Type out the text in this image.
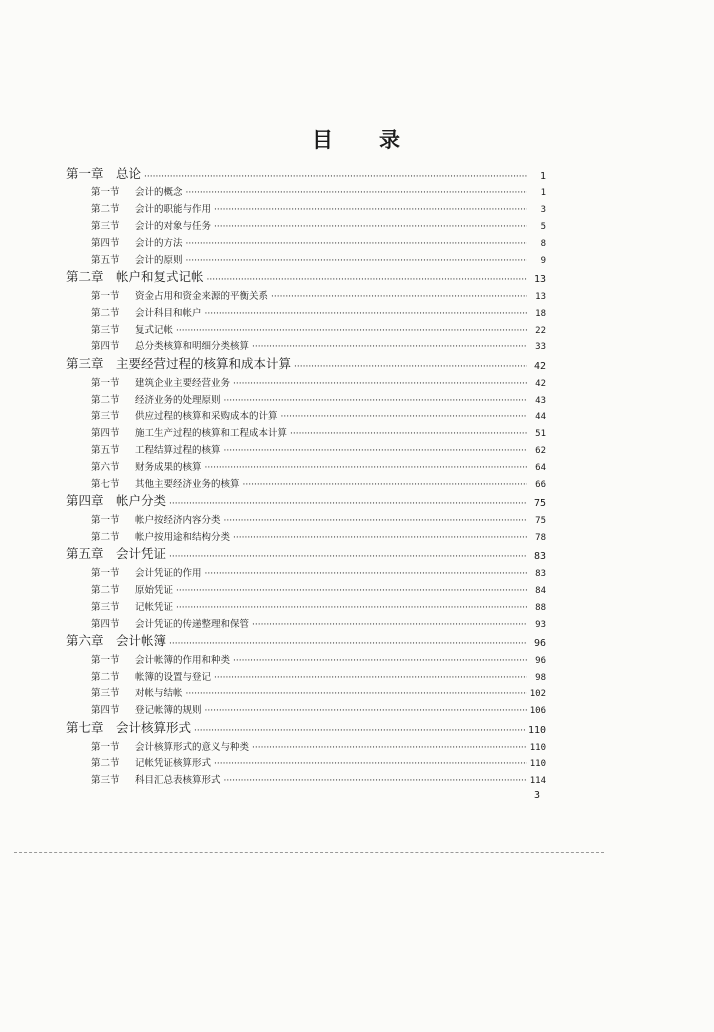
目 录
第一章 总论 ·····	1
第一节	会计的概念 ·····	1
第二节	会计的职能与作用 ·····	3
第三节	会计的对象与任务 ·····	5
第四节	会计的方法 ·····	8
第五节	会计的原则 ·····	9
第二章 帐户和复式记帐 ·····	13
第一节	资金占用和资金来源的平衡关系 ·····	13
第二节	会计科目和帐户 ·····	18
第三节	复式记帐 ·····	22
第四节	总分类核算和明细分类核算 ·····	33
第三章 主要经营过程的核算和成本计算 ·····	42
第一节	建筑企业主要经营业务 ·····	42
第二节	经济业务的处理原则 ·····	43
第三节	供应过程的核算和采购成本的计算 ·····	44
第四节	施工生产过程的核算和工程成本计算 ·····	51
第五节	工程结算过程的核算 ·····	62
第六节	财务成果的核算 ·····	64
第七节	其他主要经济业务的核算 ·····	66
第四章 帐户分类 ·····	75
第一节	帐户按经济内容分类 ·····	75
第二节	帐户按用途和结构分类 ·····	78
第五章 会计凭证 ·····	83
第一节	会计凭证的作用 ·····	83
第二节	原始凭证 ·····	84
第三节	记帐凭证 ·····	88
第四节	会计凭证的传递整理和保管 ·····	93
第六章 会计帐簿 ·····	96
第一节	会计帐簿的作用和种类 ·····	96
第二节	帐簿的设置与登记 ·····	98
第三节	对帐与结帐 ·····	102
第四节	登记帐簿的规则 ·····	106
第七章 会计核算形式 ·····	110
第一节	会计核算形式的意义与种类 ·····	110
第二节	记帐凭证核算形式 ·····	110
第三节	科目汇总表核算形式 ·····	114
3
